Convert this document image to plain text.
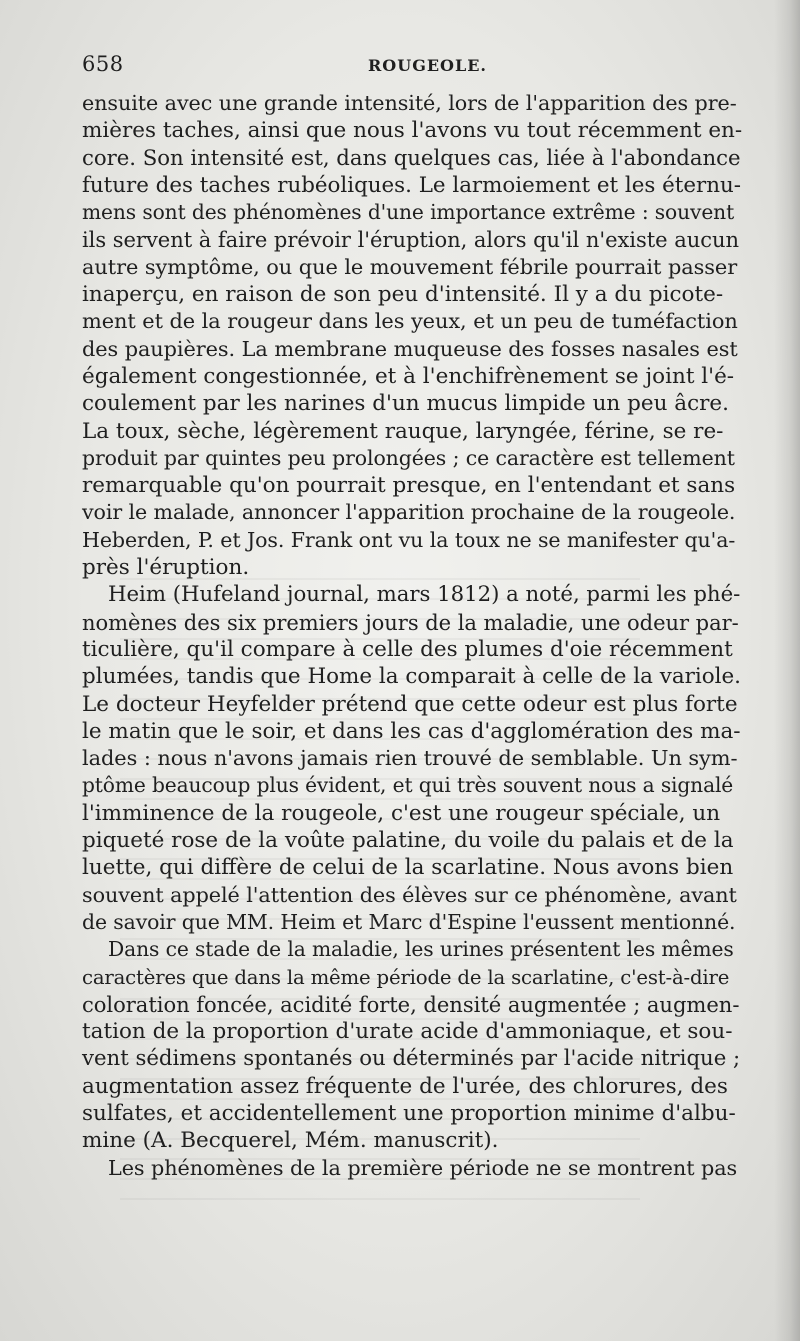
658	ROUGEOLE.
ensuite avec une grande intensité, lors de l'apparition des pre-
mières taches, ainsi que nous l'avons vu tout récemment en-
core. Son intensité est, dans quelques cas, liée à l'abondance
future des taches rubéoliques. Le larmoiement et les éternu-
mens sont des phénomènes d'une importance extrême : souvent
ils servent à faire prévoir l'éruption, alors qu'il n'existe aucun
autre symptôme, ou que le mouvement fébrile pourrait passer
inaperçu, en raison de son peu d'intensité. Il y a du picote-
ment et de la rougeur dans les yeux, et un peu de tuméfaction
des paupières. La membrane muqueuse des fosses nasales est
également congestionnée, et à l'enchifrènement se joint l'é-
coulement par les narines d'un mucus limpide un peu âcre.
La toux, sèche, légèrement rauque, laryngée, férine, se re-
produit par quintes peu prolongées ; ce caractère est tellement
remarquable qu'on pourrait presque, en l'entendant et sans
voir le malade, annoncer l'apparition prochaine de la rougeole.
Heberden, P. et Jos. Frank ont vu la toux ne se manifester qu'a-
près l'éruption.
Heim (Hufeland journal, mars 1812) a noté, parmi les phé-
nomènes des six premiers jours de la maladie, une odeur par-
ticulière, qu'il compare à celle des plumes d'oie récemment
plumées, tandis que Home la comparait à celle de la variole.
Le docteur Heyfelder prétend que cette odeur est plus forte
le matin que le soir, et dans les cas d'agglomération des ma-
lades : nous n'avons jamais rien trouvé de semblable. Un sym-
ptôme beaucoup plus évident, et qui très souvent nous a signalé
l'imminence de la rougeole, c'est une rougeur spéciale, un
piqueté rose de la voûte palatine, du voile du palais et de la
luette, qui diffère de celui de la scarlatine. Nous avons bien
souvent appelé l'attention des élèves sur ce phénomène, avant
de savoir que MM. Heim et Marc d'Espine l'eussent mentionné.
Dans ce stade de la maladie, les urines présentent les mêmes
caractères que dans la même période de la scarlatine, c'est-à-dire
coloration foncée, acidité forte, densité augmentée ; augmen-
tation de la proportion d'urate acide d'ammoniaque, et sou-
vent sédimens spontanés ou déterminés par l'acide nitrique ;
augmentation assez fréquente de l'urée, des chlorures, des
sulfates, et accidentellement une proportion minime d'albu-
mine (A. Becquerel, Mém. manuscrit).
Les phénomènes de la première période ne se montrent pas
